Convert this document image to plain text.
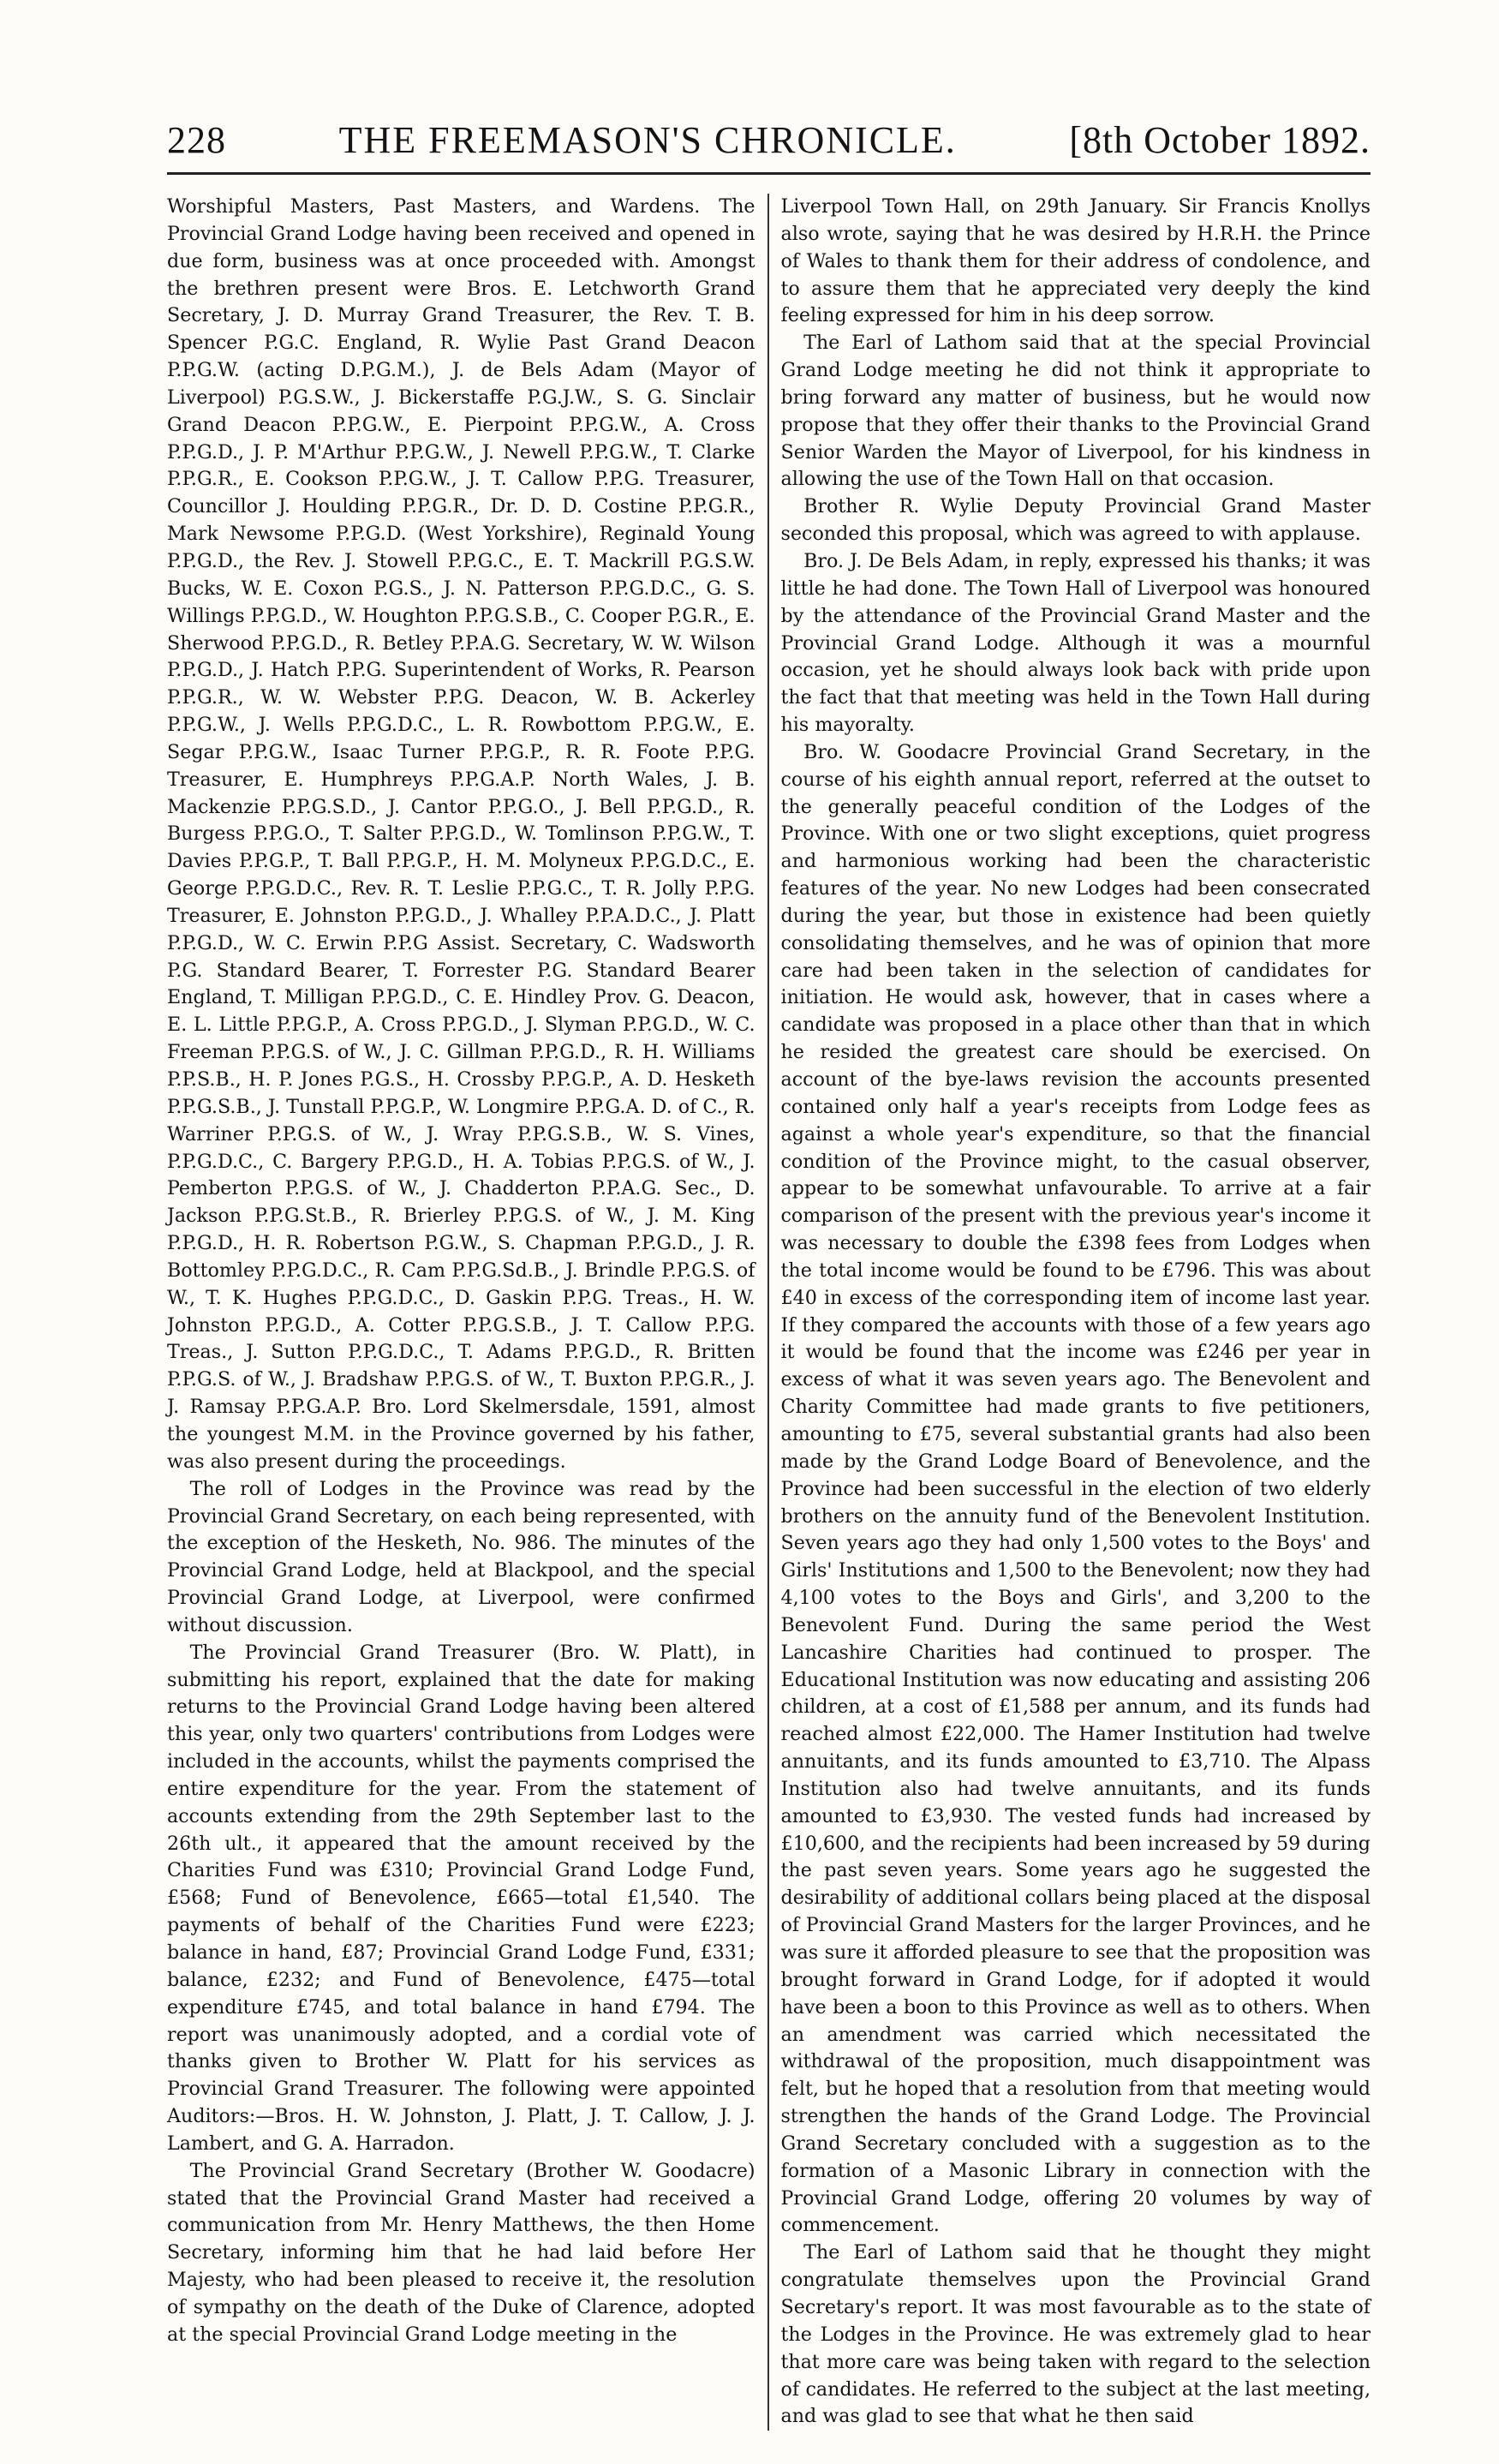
228	THE FREEMASON'S CHRONICLE.	[8th October 1892.

Worshipful Masters, Past Masters, and Wardens. The Provincial Grand Lodge having been received and opened in due form, business was at once proceeded with. Amongst the brethren present were Bros. E. Letchworth Grand Secretary, J. D. Murray Grand Treasurer, the Rev. T. B. Spencer P.G.C. England, R. Wylie Past Grand Deacon P.P.G.W. (acting D.P.G.M.), J. de Bels Adam (Mayor of Liverpool) P.G.S.W., J. Bickerstaffe P.G.J.W., S. G. Sinclair Grand Deacon P.P.G.W., E. Pierpoint P.P.G.W., A. Cross P.P.G.D., J. P. M'Arthur P.P.G.W., J. Newell P.P.G.W., T. Clarke P.P.G.R., E. Cookson P.P.G.W., J. T. Callow P.P.G. Treasurer, Councillor J. Houlding P.P.G.R., Dr. D. D. Costine P.P.G.R., Mark Newsome P.P.G.D. (West Yorkshire), Reginald Young P.P.G.D., the Rev. J. Stowell P.P.G.C., E. T. Mackrill P.G.S.W. Bucks, W. E. Coxon P.G.S., J. N. Patterson P.P.G.D.C., G. S. Willings P.P.G.D., W. Houghton P.P.G.S.B., C. Cooper P.G.R., E. Sherwood P.P.G.D., R. Betley P.P.A.G. Secretary, W. W. Wilson P.P.G.D., J. Hatch P.P.G. Superintendent of Works, R. Pearson P.P.G.R., W. W. Webster P.P.G. Deacon, W. B. Ackerley P.P.G.W., J. Wells P.P.G.D.C., L. R. Rowbottom P.P.G.W., E. Segar P.P.G.W., Isaac Turner P.P.G.P., R. R. Foote P.P.G. Treasurer, E. Humphreys P.P.G.A.P. North Wales, J. B. Mackenzie P.P.G.S.D., J. Cantor P.P.G.O., J. Bell P.P.G.D., R. Burgess P.P.G.O., T. Salter P.P.G.D., W. Tomlinson P.P.G.W., T. Davies P.P.G.P., T. Ball P.P.G.P., H. M. Molyneux P.P.G.D.C., E. George P.P.G.D.C., Rev. R. T. Leslie P.P.G.C., T. R. Jolly P.P.G. Treasurer, E. Johnston P.P.G.D., J. Whalley P.P.A.D.C., J. Platt P.P.G.D., W. C. Erwin P.P.G Assist. Secretary, C. Wadsworth P.G. Standard Bearer, T. Forrester P.G. Standard Bearer England, T. Milligan P.P.G.D., C. E. Hindley Prov. G. Deacon, E. L. Little P.P.G.P., A. Cross P.P.G.D., J. Slyman P.P.G.D., W. C. Freeman P.P.G.S. of W., J. C. Gillman P.P.G.D., R. H. Williams P.P.S.B., H. P. Jones P.G.S., H. Crossby P.P.G.P., A. D. Hesketh P.P.G.S.B., J. Tunstall P.P.G.P., W. Longmire P.P.G.A. D. of C., R. Warriner P.P.G.S. of W., J. Wray P.P.G.S.B., W. S. Vines, P.P.G.D.C., C. Bargery P.P.G.D., H. A. Tobias P.P.G.S. of W., J. Pemberton P.P.G.S. of W., J. Chadderton P.P.A.G. Sec., D. Jackson P.P.G.St.B., R. Brierley P.P.G.S. of W., J. M. King P.P.G.D., H. R. Robertson P.G.W., S. Chapman P.P.G.D., J. R. Bottomley P.P.G.D.C., R. Cam P.P.G.Sd.B., J. Brindle P.P.G.S. of W., T. K. Hughes P.P.G.D.C., D. Gaskin P.P.G. Treas., H. W. Johnston P.P.G.D., A. Cotter P.P.G.S.B., J. T. Callow P.P.G. Treas., J. Sutton P.P.G.D.C., T. Adams P.P.G.D., R. Britten P.P.G.S. of W., J. Bradshaw P.P.G.S. of W., T. Buxton P.P.G.R., J. J. Ramsay P.P.G.A.P. Bro. Lord Skelmersdale, 1591, almost the youngest M.M. in the Province governed by his father, was also present during the proceedings.

The roll of Lodges in the Province was read by the Provincial Grand Secretary, on each being represented, with the exception of the Hesketh, No. 986. The minutes of the Provincial Grand Lodge, held at Blackpool, and the special Provincial Grand Lodge, at Liverpool, were confirmed without discussion.

The Provincial Grand Treasurer (Bro. W. Platt), in submitting his report, explained that the date for making returns to the Provincial Grand Lodge having been altered this year, only two quarters' contributions from Lodges were included in the accounts, whilst the payments comprised the entire expenditure for the year. From the statement of accounts extending from the 29th September last to the 26th ult., it appeared that the amount received by the Charities Fund was £310; Provincial Grand Lodge Fund, £568; Fund of Benevolence, £665—total £1,540. The payments of behalf of the Charities Fund were £223; balance in hand, £87; Provincial Grand Lodge Fund, £331; balance, £232; and Fund of Benevolence, £475—total expenditure £745, and total balance in hand £794. The report was unanimously adopted, and a cordial vote of thanks given to Brother W. Platt for his services as Provincial Grand Treasurer. The following were appointed Auditors:—Bros. H. W. Johnston, J. Platt, J. T. Callow, J. J. Lambert, and G. A. Harradon.

The Provincial Grand Secretary (Brother W. Goodacre) stated that the Provincial Grand Master had received a communication from Mr. Henry Matthews, the then Home Secretary, informing him that he had laid before Her Majesty, who had been pleased to receive it, the resolution of sympathy on the death of the Duke of Clarence, adopted at the special Provincial Grand Lodge meeting in the

Liverpool Town Hall, on 29th January. Sir Francis Knollys also wrote, saying that he was desired by H.R.H. the Prince of Wales to thank them for their address of condolence, and to assure them that he appreciated very deeply the kind feeling expressed for him in his deep sorrow.

The Earl of Lathom said that at the special Provincial Grand Lodge meeting he did not think it appropriate to bring forward any matter of business, but he would now propose that they offer their thanks to the Provincial Grand Senior Warden the Mayor of Liverpool, for his kindness in allowing the use of the Town Hall on that occasion.

Brother R. Wylie Deputy Provincial Grand Master seconded this proposal, which was agreed to with applause.

Bro. J. De Bels Adam, in reply, expressed his thanks; it was little he had done. The Town Hall of Liverpool was honoured by the attendance of the Provincial Grand Master and the Provincial Grand Lodge. Although it was a mournful occasion, yet he should always look back with pride upon the fact that that meeting was held in the Town Hall during his mayoralty.

Bro. W. Goodacre Provincial Grand Secretary, in the course of his eighth annual report, referred at the outset to the generally peaceful condition of the Lodges of the Province. With one or two slight exceptions, quiet progress and harmonious working had been the characteristic features of the year. No new Lodges had been consecrated during the year, but those in existence had been quietly consolidating themselves, and he was of opinion that more care had been taken in the selection of candidates for initiation. He would ask, however, that in cases where a candidate was proposed in a place other than that in which he resided the greatest care should be exercised. On account of the bye-laws revision the accounts presented contained only half a year's receipts from Lodge fees as against a whole year's expenditure, so that the financial condition of the Province might, to the casual observer, appear to be somewhat unfavourable. To arrive at a fair comparison of the present with the previous year's income it was necessary to double the £398 fees from Lodges when the total income would be found to be £796. This was about £40 in excess of the corresponding item of income last year. If they compared the accounts with those of a few years ago it would be found that the income was £246 per year in excess of what it was seven years ago. The Benevolent and Charity Committee had made grants to five petitioners, amounting to £75, several substantial grants had also been made by the Grand Lodge Board of Benevolence, and the Province had been successful in the election of two elderly brothers on the annuity fund of the Benevolent Institution. Seven years ago they had only 1,500 votes to the Boys' and Girls' Institutions and 1,500 to the Benevolent; now they had 4,100 votes to the Boys and Girls', and 3,200 to the Benevolent Fund. During the same period the West Lancashire Charities had continued to prosper. The Educational Institution was now educating and assisting 206 children, at a cost of £1,588 per annum, and its funds had reached almost £22,000. The Hamer Institution had twelve annuitants, and its funds amounted to £3,710. The Alpass Institution also had twelve annuitants, and its funds amounted to £3,930. The vested funds had increased by £10,600, and the recipients had been increased by 59 during the past seven years. Some years ago he suggested the desirability of additional collars being placed at the disposal of Provincial Grand Masters for the larger Provinces, and he was sure it afforded pleasure to see that the proposition was brought forward in Grand Lodge, for if adopted it would have been a boon to this Province as well as to others. When an amendment was carried which necessitated the withdrawal of the proposition, much disappointment was felt, but he hoped that a resolution from that meeting would strengthen the hands of the Grand Lodge. The Provincial Grand Secretary concluded with a suggestion as to the formation of a Masonic Library in connection with the Provincial Grand Lodge, offering 20 volumes by way of commencement.

The Earl of Lathom said that he thought they might congratulate themselves upon the Provincial Grand Secretary's report. It was most favourable as to the state of the Lodges in the Province. He was extremely glad to hear that more care was being taken with regard to the selection of candidates. He referred to the subject at the last meeting, and was glad to see that what he then said
